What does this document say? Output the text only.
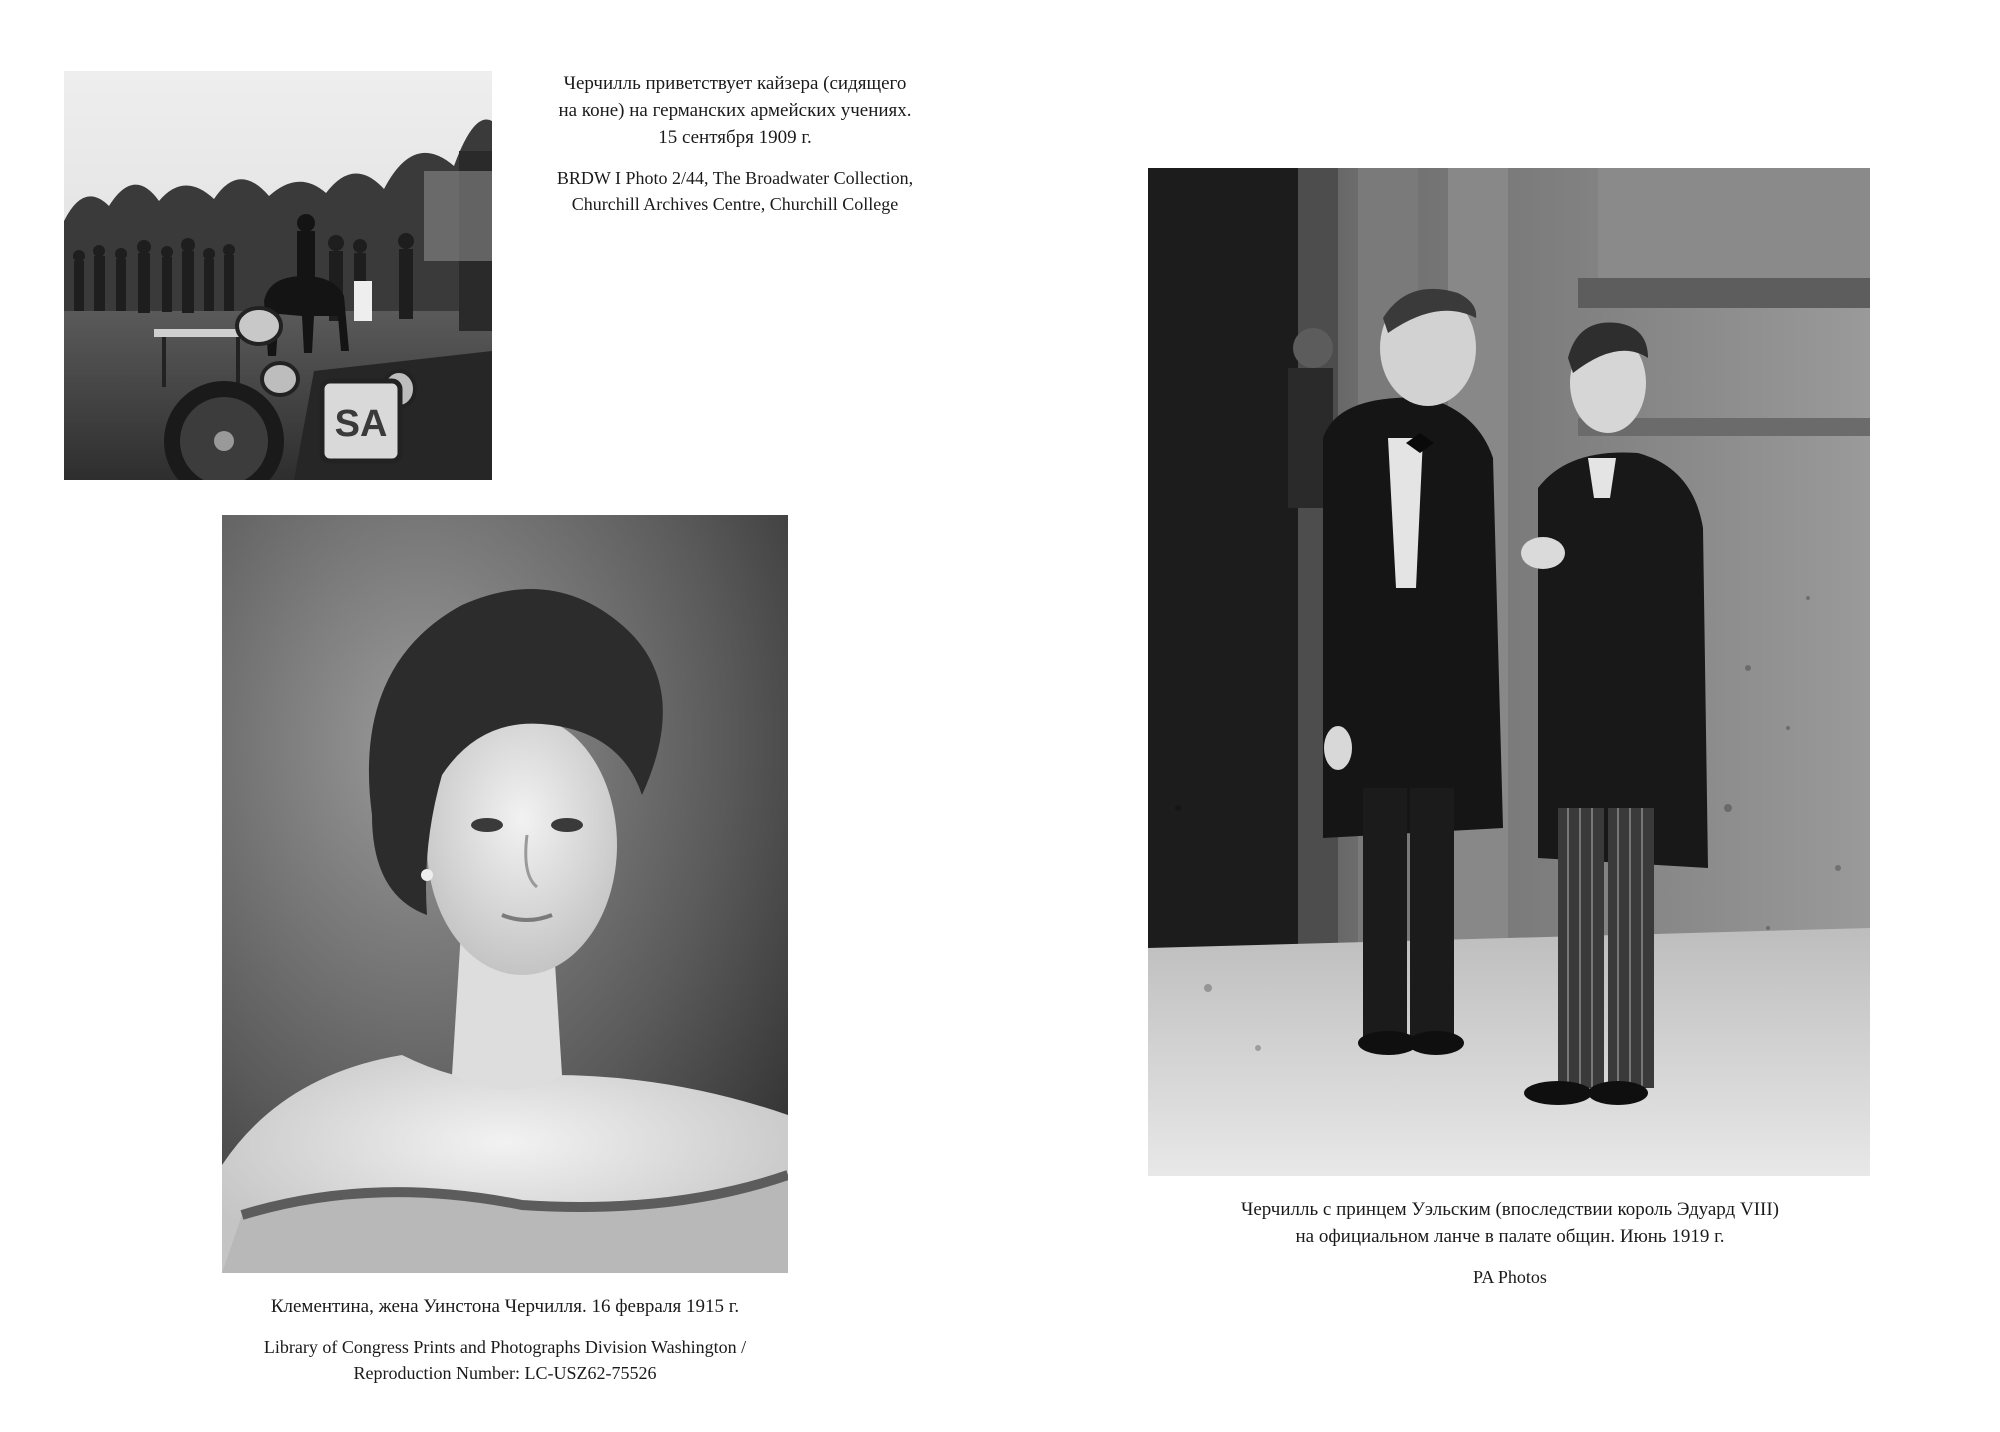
SA
Черчилль приветствует кайзера (сидящего
на коне) на германских армейских учениях.
15 сентября 1909 г.
BRDW I Photo 2/44, The Broadwater Collection,
Churchill Archives Centre, Churchill College
Клементина, жена Уинстона Черчилля. 16 февраля 1915 г.
Library of Congress Prints and Photographs Division Washington /
Reproduction Number: LC-USZ62-75526
Черчилль с принцем Уэльским (впоследствии король Эдуард VIII)
на официальном ланче в палате общин. Июнь 1919 г.
PA Photos
